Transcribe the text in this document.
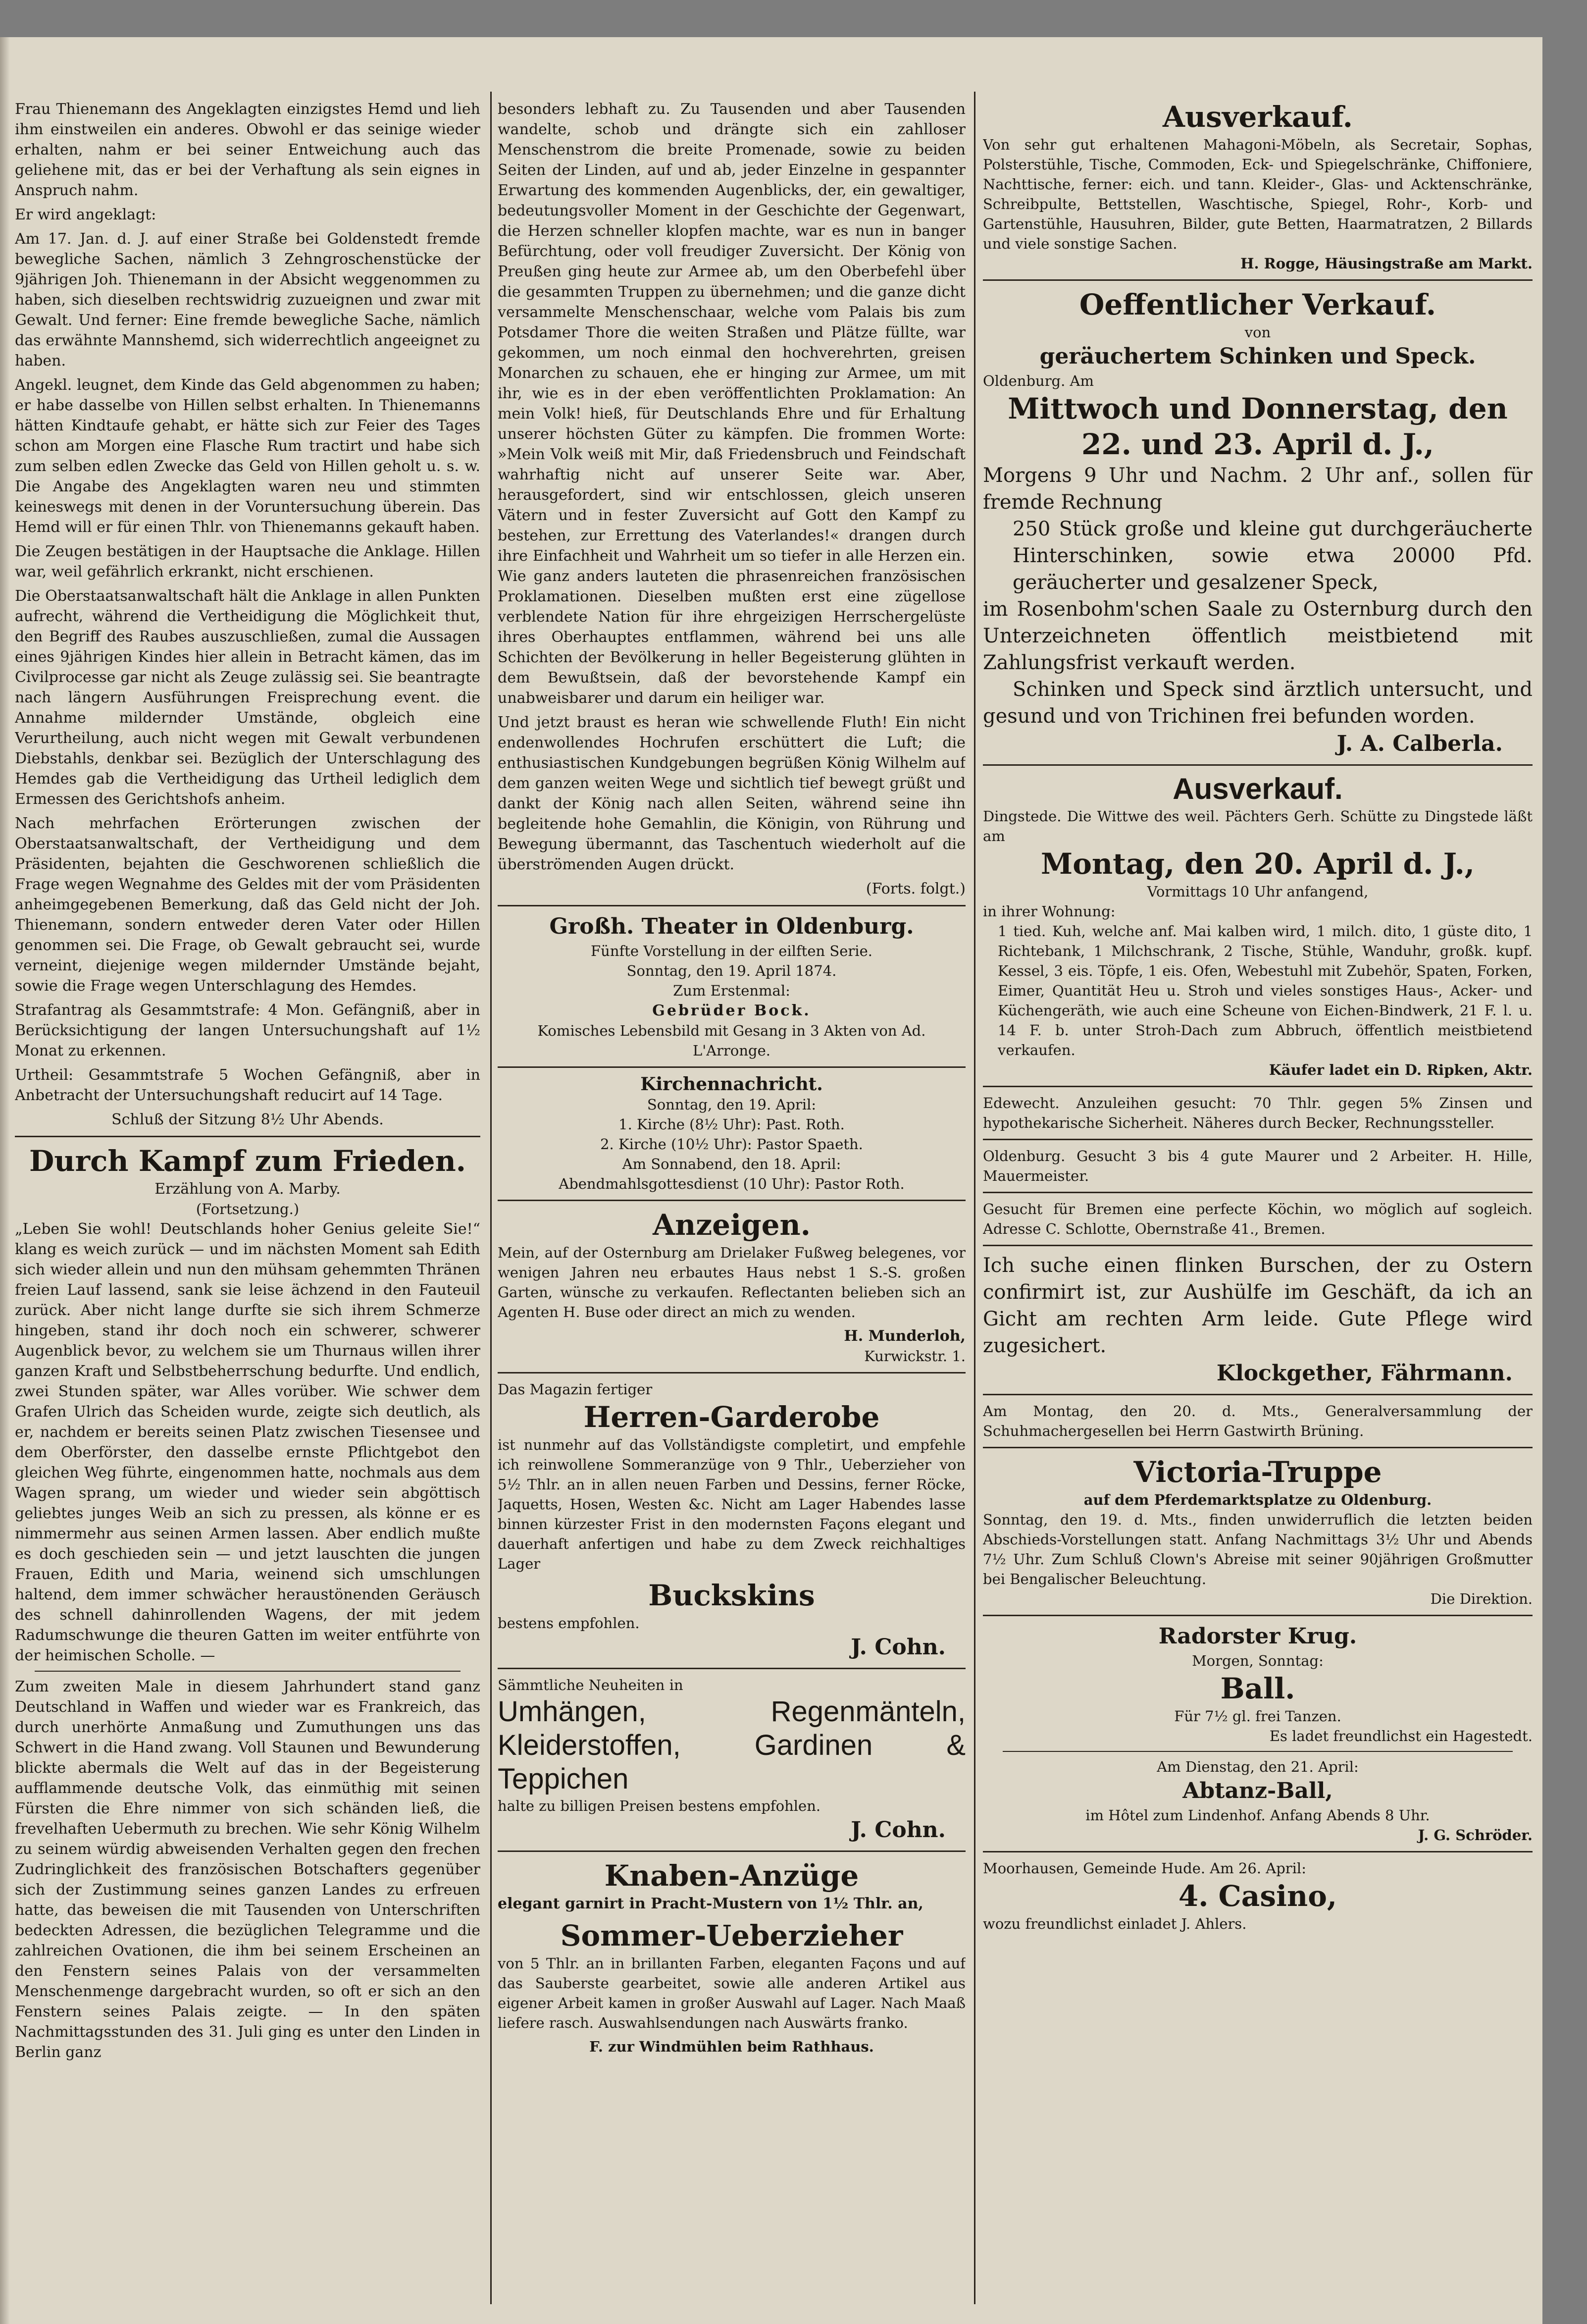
Frau Thienemann des Angeklagten einzigstes Hemd und lieh ihm einstweilen ein anderes. Obwohl er das seinige wieder erhalten, nahm er bei seiner Entweichung auch das geliehene mit, das er bei der Verhaftung als sein eignes in Anspruch nahm.

Er wird angeklagt:

Am 17. Jan. d. J. auf einer Straße bei Goldenstedt fremde bewegliche Sachen, nämlich 3 Zehngroschenstücke der 9jährigen Joh. Thienemann in der Absicht weggenommen zu haben, sich dieselben rechtswidrig zuzueignen und zwar mit Gewalt. Und ferner: Eine fremde bewegliche Sache, nämlich das erwähnte Mannshemd, sich widerrechtlich angeeignet zu haben.

Angekl. leugnet, dem Kinde das Geld abgenommen zu haben; er habe dasselbe von Hillen selbst erhalten. In Thienemanns hätten Kindtaufe gehabt, er hätte sich zur Feier des Tages schon am Morgen eine Flasche Rum tractirt und habe sich zum selben edlen Zwecke das Geld von Hillen geholt u. s. w. Die Angabe des Angeklagten waren neu und stimmten keineswegs mit denen in der Voruntersuchung überein. Das Hemd will er für einen Thlr. von Thienemanns gekauft haben.

Die Zeugen bestätigen in der Hauptsache die Anklage. Hillen war, weil gefährlich erkrankt, nicht erschienen.

Die Oberstaatsanwaltschaft hält die Anklage in allen Punkten aufrecht, während die Vertheidigung die Möglichkeit thut, den Begriff des Raubes auszuschließen, zumal die Aussagen eines 9jährigen Kindes hier allein in Betracht kämen, das im Civilprocesse gar nicht als Zeuge zulässig sei. Sie beantragte nach längern Ausführungen Freisprechung event. die Annahme mildernder Umstände, obgleich eine Verurtheilung, auch nicht wegen mit Gewalt verbundenen Diebstahls, denkbar sei. Bezüglich der Unterschlagung des Hemdes gab die Vertheidigung das Urtheil lediglich dem Ermessen des Gerichtshofs anheim.

Nach mehrfachen Erörterungen zwischen der Oberstaatsanwaltschaft, der Vertheidigung und dem Präsidenten, bejahten die Geschworenen schließlich die Frage wegen Wegnahme des Geldes mit der vom Präsidenten anheimgegebenen Bemerkung, daß das Geld nicht der Joh. Thienemann, sondern entweder deren Vater oder Hillen genommen sei. Die Frage, ob Gewalt gebraucht sei, wurde verneint, diejenige wegen mildernder Umstände bejaht, sowie die Frage wegen Unterschlagung des Hemdes.

Strafantrag als Gesammtstrafe: 4 Mon. Gefängniß, aber in Berücksichtigung der langen Untersuchungshaft auf 1½ Monat zu erkennen.

Urtheil: Gesammtstrafe 5 Wochen Gefängniß, aber in Anbetracht der Untersuchungshaft reducirt auf 14 Tage.

Schluß der Sitzung 8½ Uhr Abends.

Durch Kampf zum Frieden.

Erzählung von A. Marby.

(Fortsetzung.)

„Leben Sie wohl! Deutschlands hoher Genius geleite Sie!“ klang es weich zurück — und im nächsten Moment sah Edith sich wieder allein und nun den mühsam gehemmten Thränen freien Lauf lassend, sank sie leise ächzend in den Fauteuil zurück. Aber nicht lange durfte sie sich ihrem Schmerze hingeben, stand ihr doch noch ein schwerer, schwerer Augenblick bevor, zu welchem sie um Thurnaus willen ihrer ganzen Kraft und Selbstbeherrschung bedurfte. Und endlich, zwei Stunden später, war Alles vorüber. Wie schwer dem Grafen Ulrich das Scheiden wurde, zeigte sich deutlich, als er, nachdem er bereits seinen Platz zwischen Tiesensee und dem Oberförster, den dasselbe ernste Pflichtgebot den gleichen Weg führte, eingenommen hatte, nochmals aus dem Wagen sprang, um wieder und wieder sein abgöttisch geliebtes junges Weib an sich zu pressen, als könne er es nimmermehr aus seinen Armen lassen. Aber endlich mußte es doch geschieden sein — und jetzt lauschten die jungen Frauen, Edith und Maria, weinend sich umschlungen haltend, dem immer schwächer heraustönenden Geräusch des schnell dahinrollenden Wagens, der mit jedem Radumschwunge die theuren Gatten im weiter entführte von der heimischen Scholle. —

Zum zweiten Male in diesem Jahrhundert stand ganz Deutschland in Waffen und wieder war es Frankreich, das durch unerhörte Anmaßung und Zumuthungen uns das Schwert in die Hand zwang. Voll Staunen und Bewunderung blickte abermals die Welt auf das in der Begeisterung aufflammende deutsche Volk, das einmüthig mit seinen Fürsten die Ehre nimmer von sich schänden ließ, die frevelhaften Uebermuth zu brechen. Wie sehr König Wilhelm zu seinem würdig abweisenden Verhalten gegen den frechen Zudringlichkeit des französischen Botschafters gegenüber sich der Zustimmung seines ganzen Landes zu erfreuen hatte, das beweisen die mit Tausenden von Unterschriften bedeckten Adressen, die bezüglichen Telegramme und die zahlreichen Ovationen, die ihm bei seinem Erscheinen an den Fenstern seines Palais von der versammelten Menschenmenge dargebracht wurden, so oft er sich an den Fenstern seines Palais zeigte. — In den späten Nachmittagsstunden des 31. Juli ging es unter den Linden in Berlin ganz

besonders lebhaft zu. Zu Tausenden und aber Tausenden wandelte, schob und drängte sich ein zahlloser Menschenstrom die breite Promenade, sowie zu beiden Seiten der Linden, auf und ab, jeder Einzelne in gespannter Erwartung des kommenden Augenblicks, der, ein gewaltiger, bedeutungsvoller Moment in der Geschichte der Gegenwart, die Herzen schneller klopfen machte, war es nun in banger Befürchtung, oder voll freudiger Zuversicht. Der König von Preußen ging heute zur Armee ab, um den Oberbefehl über die gesammten Truppen zu übernehmen; und die ganze dicht versammelte Menschenschaar, welche vom Palais bis zum Potsdamer Thore die weiten Straßen und Plätze füllte, war gekommen, um noch einmal den hochverehrten, greisen Monarchen zu schauen, ehe er hinging zur Armee, um mit ihr, wie es in der eben veröffentlichten Proklamation: An mein Volk! hieß, für Deutschlands Ehre und für Erhaltung unserer höchsten Güter zu kämpfen. Die frommen Worte: »Mein Volk weiß mit Mir, daß Friedensbruch und Feindschaft wahrhaftig nicht auf unserer Seite war. Aber, herausgefordert, sind wir entschlossen, gleich unseren Vätern und in fester Zuversicht auf Gott den Kampf zu bestehen, zur Errettung des Vaterlandes!« drangen durch ihre Einfachheit und Wahrheit um so tiefer in alle Herzen ein. Wie ganz anders lauteten die phrasenreichen französischen Proklamationen. Dieselben mußten erst eine zügellose verblendete Nation für ihre ehrgeizigen Herrschergelüste ihres Oberhauptes entflammen, während bei uns alle Schichten der Bevölkerung in heller Begeisterung glühten in dem Bewußtsein, daß der bevorstehende Kampf ein unabweisbarer und darum ein heiliger war.

Und jetzt braust es heran wie schwellende Fluth! Ein nicht endenwollendes Hochrufen erschüttert die Luft; die enthusiastischen Kundgebungen begrüßen König Wilhelm auf dem ganzen weiten Wege und sichtlich tief bewegt grüßt und dankt der König nach allen Seiten, während seine ihn begleitende hohe Gemahlin, die Königin, von Rührung und Bewegung übermannt, das Taschentuch wiederholt auf die überströmenden Augen drückt.

(Forts. folgt.)

Großh. Theater in Oldenburg.

Fünfte Vorstellung in der eilften Serie.

Sonntag, den 19. April 1874.

Zum Erstenmal:

Gebrüder Bock.

Komisches Lebensbild mit Gesang in 3 Akten von Ad. L'Arronge.

Kirchennachricht.

Sonntag, den 19. April:

1. Kirche (8½ Uhr): Past. Roth.

2. Kirche (10½ Uhr): Pastor Spaeth.

Am Sonnabend, den 18. April:

Abendmahlsgottesdienst (10 Uhr): Pastor Roth.

Anzeigen.

Mein, auf der Osternburg am Drielaker Fußweg belegenes, vor wenigen Jahren neu erbautes Haus nebst 1 S.-S. großen Garten, wünsche zu verkaufen. Reflectanten belieben sich an Agenten H. Buse oder direct an mich zu wenden.

H. Munderloh,

Kurwickstr. 1.

Das Magazin fertiger

Herren-Garderobe

ist nunmehr auf das Vollständigste completirt, und empfehle ich reinwollene Sommeranzüge von 9 Thlr., Ueberzieher von 5½ Thlr. an in allen neuen Farben und Dessins, ferner Röcke, Jaquetts, Hosen, Westen &c. Nicht am Lager Habendes lasse binnen kürzester Frist in den modernsten Façons elegant und dauerhaft anfertigen und habe zu dem Zweck reichhaltiges Lager

Buckskins

bestens empfohlen.

J. Cohn.

Sämmtliche Neuheiten in

Umhängen, Regenmänteln, Kleiderstoffen, Gardinen & Teppichen

halte zu billigen Preisen bestens empfohlen.

J. Cohn.

Knaben-Anzüge

elegant garnirt in Pracht-Mustern von 1½ Thlr. an,

Sommer-Ueberzieher

von 5 Thlr. an in brillanten Farben, eleganten Façons und auf das Sauberste gearbeitet, sowie alle anderen Artikel aus eigener Arbeit kamen in großer Auswahl auf Lager. Nach Maaß liefere rasch. Auswahlsendungen nach Auswärts franko.

F. zur Windmühlen beim Rathhaus.

Ausverkauf.

Von sehr gut erhaltenen Mahagoni-Möbeln, als Secretair, Sophas, Polsterstühle, Tische, Commoden, Eck- und Spiegelschränke, Chiffoniere, Nachttische, ferner: eich. und tann. Kleider-, Glas- und Acktenschränke, Schreibpulte, Bettstellen, Waschtische, Spiegel, Rohr-, Korb- und Gartenstühle, Hausuhren, Bilder, gute Betten, Haarmatratzen, 2 Billards und viele sonstige Sachen.

H. Rogge, Häusingstraße am Markt.

Oeffentlicher Verkauf.

von

geräuchertem Schinken und Speck.

Oldenburg. Am

Mittwoch und Donnerstag, den
22. und 23. April d. J.,

Morgens 9 Uhr und Nachm. 2 Uhr anf., sollen für fremde Rechnung

250 Stück große und kleine gut durchgeräucherte Hinterschinken, sowie etwa 20000 Pfd. geräucherter und gesalzener Speck,

im Rosenbohm'schen Saale zu Osternburg durch den Unterzeichneten öffentlich meistbietend mit Zahlungsfrist verkauft werden.

Schinken und Speck sind ärztlich untersucht, und gesund und von Trichinen frei befunden worden.

J. A. Calberla.

Ausverkauf.

Dingstede. Die Wittwe des weil. Pächters Gerh. Schütte zu Dingstede läßt am

Montag, den 20. April d. J.,

Vormittags 10 Uhr anfangend,

in ihrer Wohnung:

1 tied. Kuh, welche anf. Mai kalben wird, 1 milch. dito, 1 güste dito, 1 Richtebank, 1 Milchschrank, 2 Tische, Stühle, Wanduhr, großk. kupf. Kessel, 3 eis. Töpfe, 1 eis. Ofen, Webestuhl mit Zubehör, Spaten, Forken, Eimer, Quantität Heu u. Stroh und vieles sonstiges Haus-, Acker- und Küchengeräth, wie auch eine Scheune von Eichen-Bindwerk, 21 F. l. u. 14 F. b. unter Stroh-Dach zum Abbruch, öffentlich meistbietend verkaufen.

Käufer ladet ein D. Ripken, Aktr.

Edewecht. Anzuleihen gesucht: 70 Thlr. gegen 5% Zinsen und hypothekarische Sicherheit. Näheres durch Becker, Rechnungssteller.

Oldenburg. Gesucht 3 bis 4 gute Maurer und 2 Arbeiter. H. Hille, Mauermeister.

Gesucht für Bremen eine perfecte Köchin, wo möglich auf sogleich. Adresse C. Schlotte, Obernstraße 41., Bremen.

Ich suche einen flinken Burschen, der zu Ostern confirmirt ist, zur Aushülfe im Geschäft, da ich an Gicht am rechten Arm leide. Gute Pflege wird zugesichert.

Klockgether, Fährmann.

Am Montag, den 20. d. Mts., Generalversammlung der Schuhmachergesellen bei Herrn Gastwirth Brüning.

Victoria-Truppe

auf dem Pferdemarktsplatze zu Oldenburg.

Sonntag, den 19. d. Mts., finden unwiderruflich die letzten beiden Abschieds-Vorstellungen statt. Anfang Nachmittags 3½ Uhr und Abends 7½ Uhr. Zum Schluß Clown's Abreise mit seiner 90jährigen Großmutter bei Bengalischer Beleuchtung.

Die Direktion.

Radorster Krug.

Morgen, Sonntag:

Ball.

Für 7½ gl. frei Tanzen.

Es ladet freundlichst ein Hagestedt.

Am Dienstag, den 21. April:

Abtanz-Ball,

im Hôtel zum Lindenhof. Anfang Abends 8 Uhr.

J. G. Schröder.

Moorhausen, Gemeinde Hude. Am 26. April:

4. Casino,

wozu freundlichst einladet J. Ahlers.
